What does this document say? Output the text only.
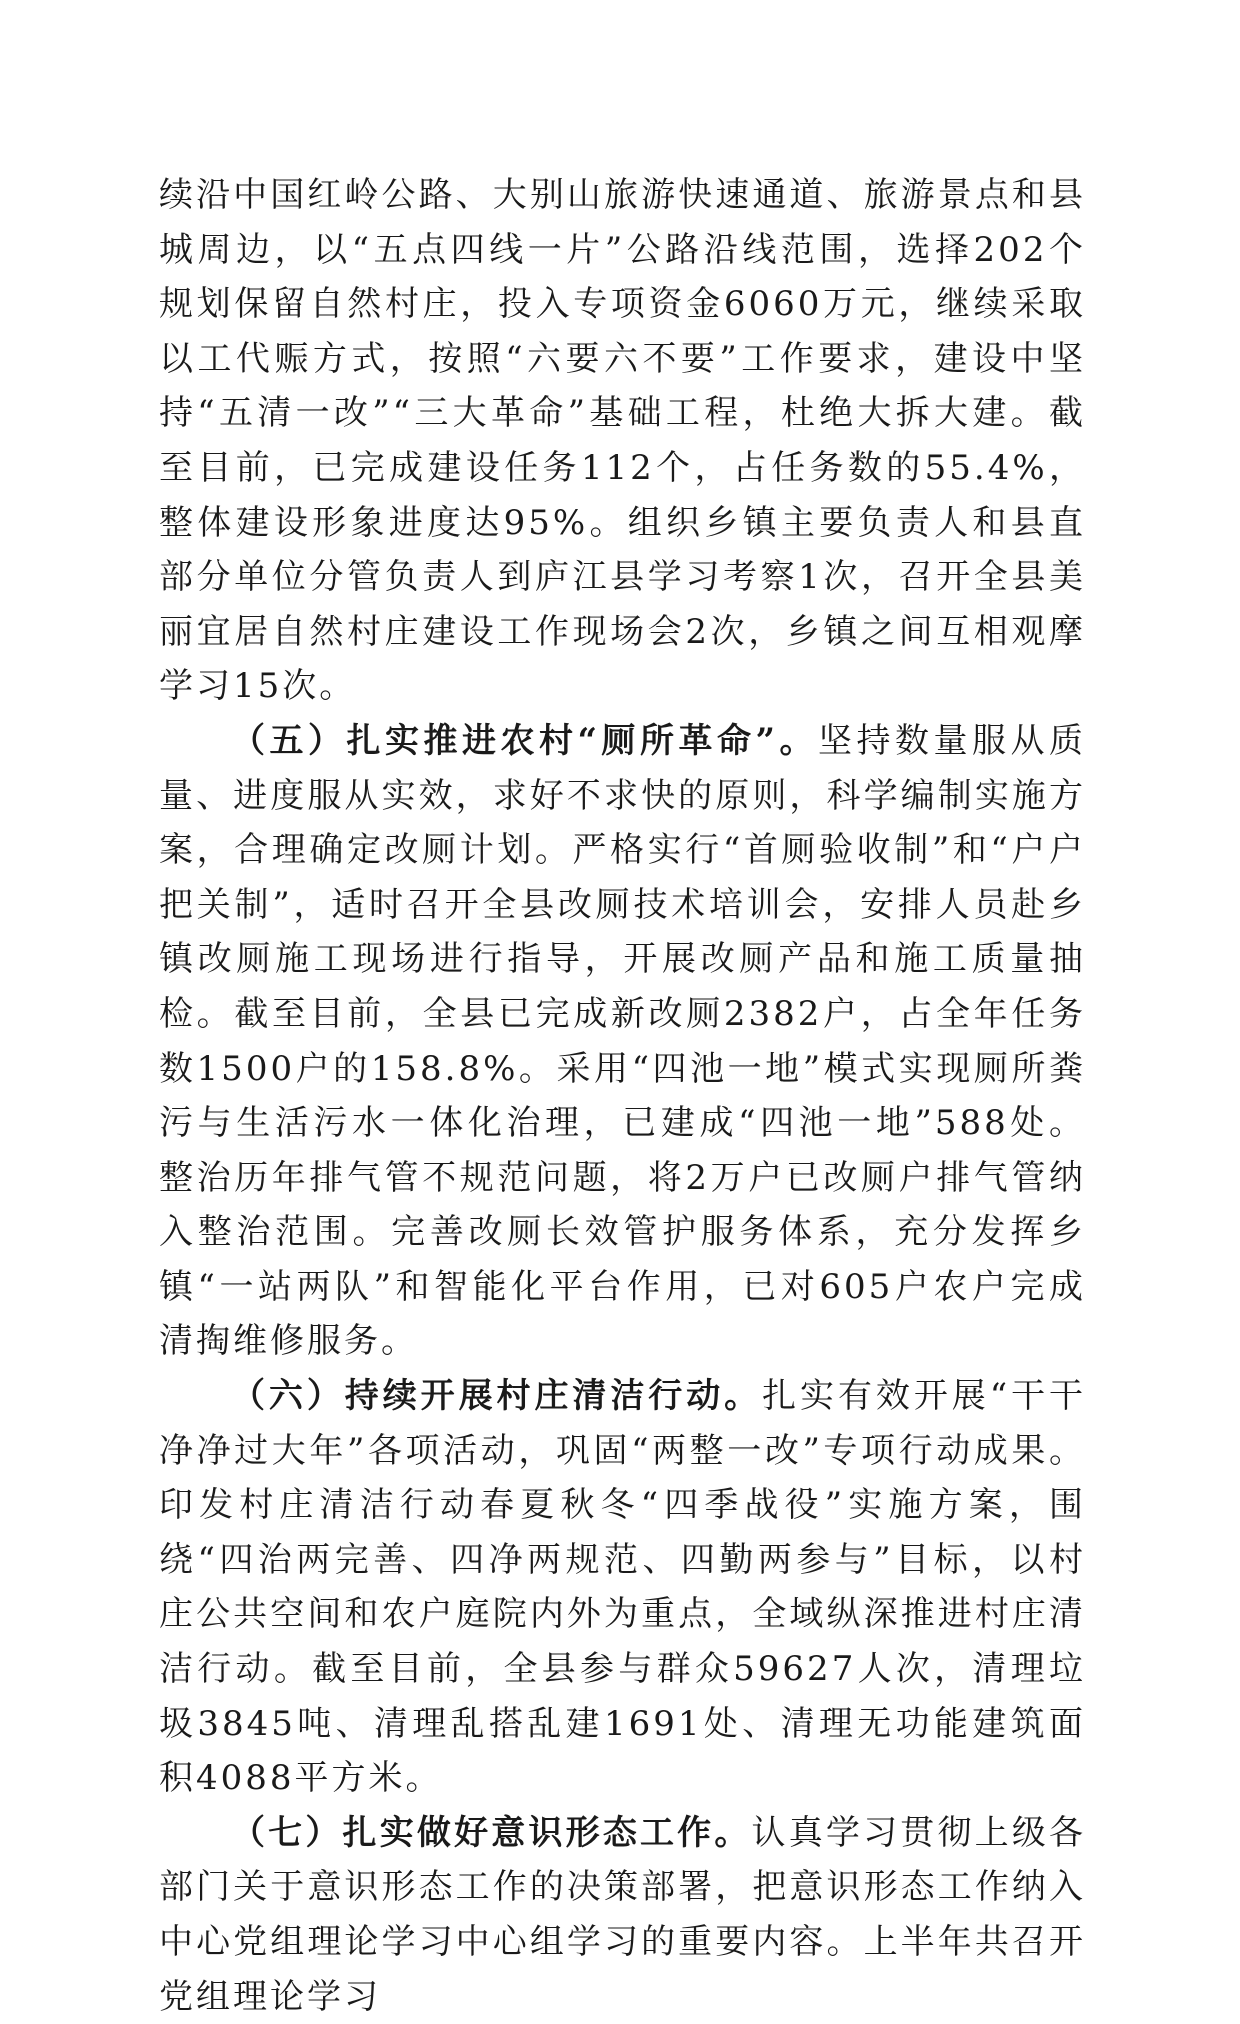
续沿中国红岭公路、大别山旅游快速通道、旅游景点和县城周边，以“五点四线一片”公路沿线范围，选择202个规划保留自然村庄，投入专项资金6060万元，继续采取以工代赈方式，按照“六要六不要”工作要求，建设中坚持“五清一改”“三大革命”基础工程，杜绝大拆大建。截至目前，已完成建设任务112个，占任务数的55.4%，整体建设形象进度达95%。组织乡镇主要负责人和县直部分单位分管负责人到庐江县学习考察1次，召开全县美丽宜居自然村庄建设工作现场会2次，乡镇之间互相观摩学习15次。

（五）扎实推进农村“厕所革命”。坚持数量服从质量、进度服从实效，求好不求快的原则，科学编制实施方案，合理确定改厕计划。严格实行“首厕验收制”和“户户把关制”，适时召开全县改厕技术培训会，安排人员赴乡镇改厕施工现场进行指导，开展改厕产品和施工质量抽检。截至目前，全县已完成新改厕2382户，占全年任务数1500户的158.8%。采用“四池一地”模式实现厕所粪污与生活污水一体化治理，已建成“四池一地”588处。整治历年排气管不规范问题，将2万户已改厕户排气管纳入整治范围。完善改厕长效管护服务体系，充分发挥乡镇“一站两队”和智能化平台作用，已对605户农户完成清掏维修服务。

（六）持续开展村庄清洁行动。扎实有效开展“干干净净过大年”各项活动，巩固“两整一改”专项行动成果。印发村庄清洁行动春夏秋冬“四季战役”实施方案，围绕“四治两完善、四净两规范、四勤两参与”目标，以村庄公共空间和农户庭院内外为重点，全域纵深推进村庄清洁行动。截至目前，全县参与群众59627人次，清理垃圾3845吨、清理乱搭乱建1691处、清理无功能建筑面积4088平方米。

（七）扎实做好意识形态工作。认真学习贯彻上级各部门关于意识形态工作的决策部署，把意识形态工作纳入中心党组理论学习中心组学习的重要内容。上半年共召开党组理论学习
